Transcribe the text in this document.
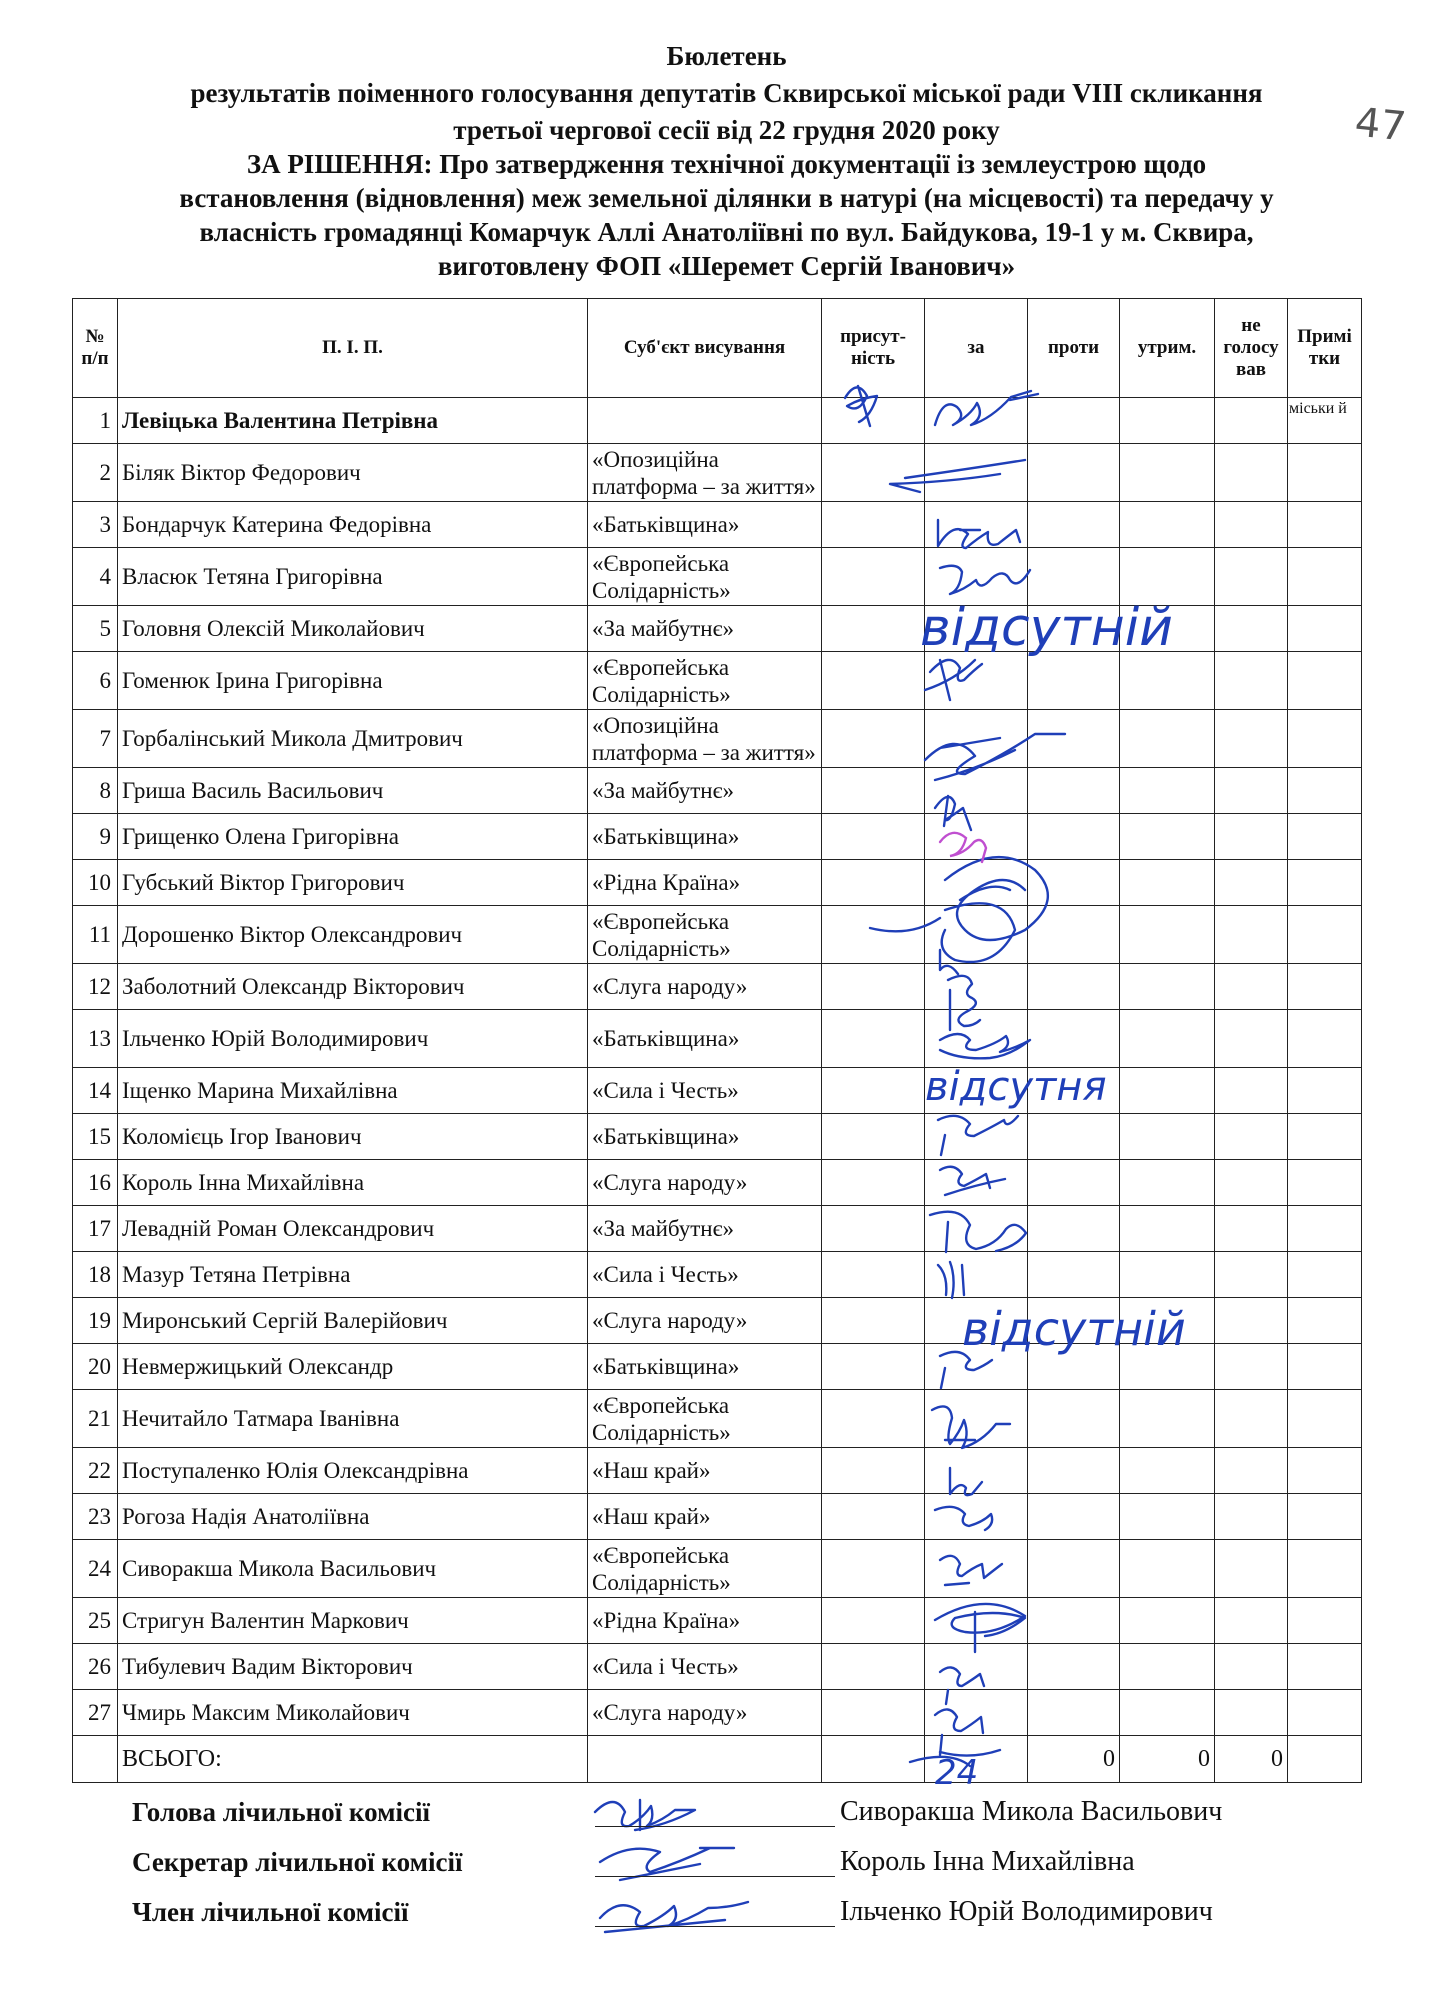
Бюлетень
результатів поіменного голосування депутатів Сквирської міської ради VIII скликання
третьої чергової сесії від 22 грудня 2020 року
ЗА РІШЕННЯ: Про затвердження технічної документації із землеустрою щодо
встановлення (відновлення) меж земельної ділянки в натурі (на місцевості) та передачу у
власність громадянці Комарчук Аллі Анатоліївні по вул. Байдукова, 19-1 у м. Сквира,
виготовлену ФОП «Шеремет Сергій Іванович»
47
№ п/п	П. І. П.	Суб'єкт висування	присут-ність	за	проти	утрим.	не голосу вав	Примі тки
1	Левіцька Валентина Петрівна							міськи й
2	Біляк Віктор Федорович	«Опозиційна платформа – за життя»						
3	Бондарчук Катерина Федорівна	«Батьківщина»						
4	Власюк Тетяна Григорівна	«Європейська Солідарність»						
5	Головня Олексій Миколайович	«За майбутнє»						
6	Гоменюк Ірина Григорівна	«Європейська Солідарність»						
7	Горбалінський Микола Дмитрович	«Опозиційна платформа – за життя»						
8	Гриша Василь Васильович	«За майбутнє»						
9	Грищенко Олена Григорівна	«Батьківщина»						
10	Губський Віктор Григорович	«Рідна Країна»						
11	Дорошенко Віктор Олександрович	«Європейська Солідарність»						
12	Заболотний Олександр Вікторович	«Слуга народу»						
13	Ільченко Юрій Володимирович	«Батьківщина»						
14	Іщенко Марина Михайлівна	«Сила і Честь»						
15	Коломієць Ігор Іванович	«Батьківщина»						
16	Король Інна Михайлівна	«Слуга народу»						
17	Левадній Роман Олександрович	«За майбутнє»						
18	Мазур Тетяна Петрівна	«Сила і Честь»						
19	Миронський Сергій Валерійович	«Слуга народу»						
20	Невмержицький Олександр	«Батьківщина»						
21	Нечитайло Татмара Іванівна	«Європейська Солідарність»						
22	Поступаленко Юлія Олександрівна	«Наш край»						
23	Рогоза Надія Анатоліївна	«Наш край»						
24	Сиворакша Микола Васильович	«Європейська Солідарність»						
25	Стригун Валентин Маркович	«Рідна Країна»						
26	Тибулевич Вадим Вікторович	«Сила і Честь»						
27	Чмирь Максим Миколайович	«Слуга народу»						
	ВСЬОГО:				0	0	0	
відсутній
відсутня
відсутній
24
Голова лічильної комісії	Сиворакша Микола Васильович
Секретар лічильної комісії	Король Інна Михайлівна
Член лічильної комісії	Ільченко Юрій Володимирович
